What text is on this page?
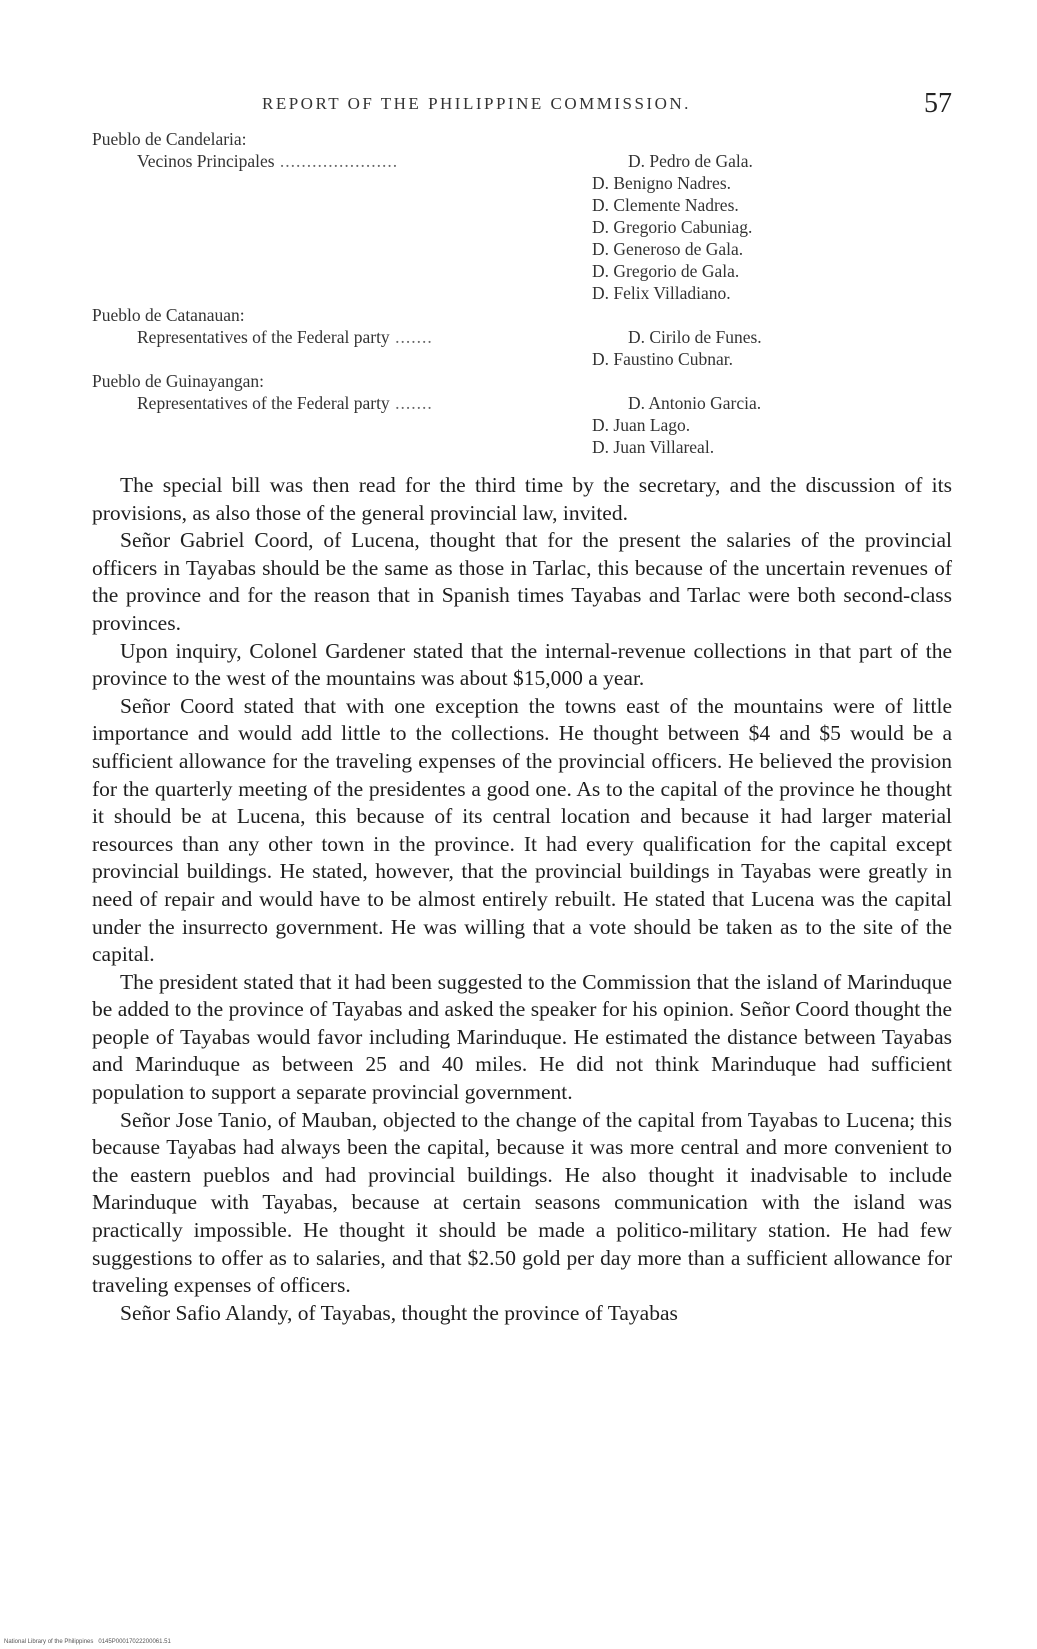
REPORT OF THE PHILIPPINE COMMISSION.	57
Pueblo de Candelaria:
Vecinos Principales ......................	D. Pedro de Gala.
D. Benigno Nadres.
D. Clemente Nadres.
D. Gregorio Cabuniag.
D. Generoso de Gala.
D. Gregorio de Gala.
D. Felix Villadiano.
Pueblo de Catanauan:
Representatives of the Federal party .......	D. Cirilo de Funes.
D. Faustino Cubnar.
Pueblo de Guinayangan:
Representatives of the Federal party .......	D. Antonio Garcia.
D. Juan Lago.
D. Juan Villareal.

The special bill was then read for the third time by the secretary, and the discussion of its provisions, as also those of the general provincial law, invited.

Señor Gabriel Coord, of Lucena, thought that for the present the salaries of the provincial officers in Tayabas should be the same as those in Tarlac, this because of the uncertain revenues of the province and for the reason that in Spanish times Tayabas and Tarlac were both second-class provinces.

Upon inquiry, Colonel Gardener stated that the internal-revenue collections in that part of the province to the west of the mountains was about $15,000 a year.

Señor Coord stated that with one exception the towns east of the mountains were of little importance and would add little to the collections. He thought between $4 and $5 would be a sufficient allowance for the traveling expenses of the provincial officers. He believed the provision for the quarterly meeting of the presidentes a good one. As to the capital of the province he thought it should be at Lucena, this because of its central location and because it had larger material resources than any other town in the province. It had every qualification for the capital except provincial buildings. He stated, however, that the provincial buildings in Tayabas were greatly in need of repair and would have to be almost entirely rebuilt. He stated that Lucena was the capital under the insurrecto government. He was willing that a vote should be taken as to the site of the capital.

The president stated that it had been suggested to the Commission that the island of Marinduque be added to the province of Tayabas and asked the speaker for his opinion. Señor Coord thought the people of Tayabas would favor including Marinduque. He estimated the distance between Tayabas and Marinduque as between 25 and 40 miles. He did not think Marinduque had sufficient population to support a separate provincial government.

Señor Jose Tanio, of Mauban, objected to the change of the capital from Tayabas to Lucena; this because Tayabas had always been the capital, because it was more central and more convenient to the eastern pueblos and had provincial buildings. He also thought it inadvisable to include Marinduque with Tayabas, because at certain seasons communication with the island was practically impossible. He thought it should be made a politico-military station. He had few suggestions to offer as to salaries, and that $2.50 gold per day more than a sufficient allowance for traveling expenses of officers.

Señor Safio Alandy, of Tayabas, thought the province of Tayabas

National Library of the Philippines   0145P00017022200061.51
